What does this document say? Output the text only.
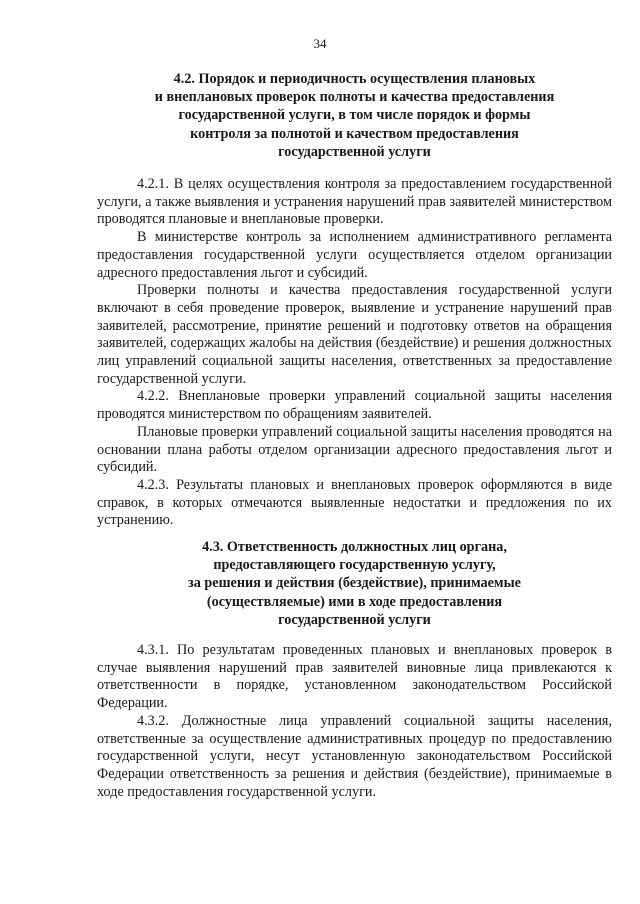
34
4.2. Порядок и периодичность осуществления плановых
и внеплановых проверок полноты и качества предоставления
государственной услуги, в том числе порядок и формы
контроля за полнотой и качеством предоставления
государственной услуги

4.2.1. В целях осуществления контроля за предоставлением государственной услуги, а также выявления и устранения нарушений прав заявителей министерством проводятся плановые и внеплановые проверки.

В министерстве контроль за исполнением административного регламента предоставления государственной услуги осуществляется отделом организации адресного предоставления льгот и субсидий.

Проверки полноты и качества предоставления государственной услуги включают в себя проведение проверок, выявление и устранение нарушений прав заявителей, рассмотрение, принятие решений и подготовку ответов на обращения заявителей, содержащих жалобы на действия (бездействие) и решения должностных лиц управлений социальной защиты населения, ответственных за предоставление государственной услуги.

4.2.2. Внеплановые проверки управлений социальной защиты населения проводятся министерством по обращениям заявителей.

Плановые проверки управлений социальной защиты населения проводятся на основании плана работы отделом организации адресного предоставления льгот и субсидий.

4.2.3. Результаты плановых и внеплановых проверок оформляются в виде справок, в которых отмечаются выявленные недостатки и предложения по их устранению.

4.3. Ответственность должностных лиц органа,
предоставляющего государственную услугу,
за решения и действия (бездействие), принимаемые
(осуществляемые) ими в ходе предоставления
государственной услуги

4.3.1. По результатам проведенных плановых и внеплановых проверок в случае выявления нарушений прав заявителей виновные лица привлекаются к ответственности в порядке, установленном законодательством Российской Федерации.

4.3.2. Должностные лица управлений социальной защиты населения, ответственные за осуществление административных процедур по предоставлению государственной услуги, несут установленную законодательством Российской Федерации ответственность за решения и действия (бездействие), принимаемые в ходе предоставления государственной услуги.
